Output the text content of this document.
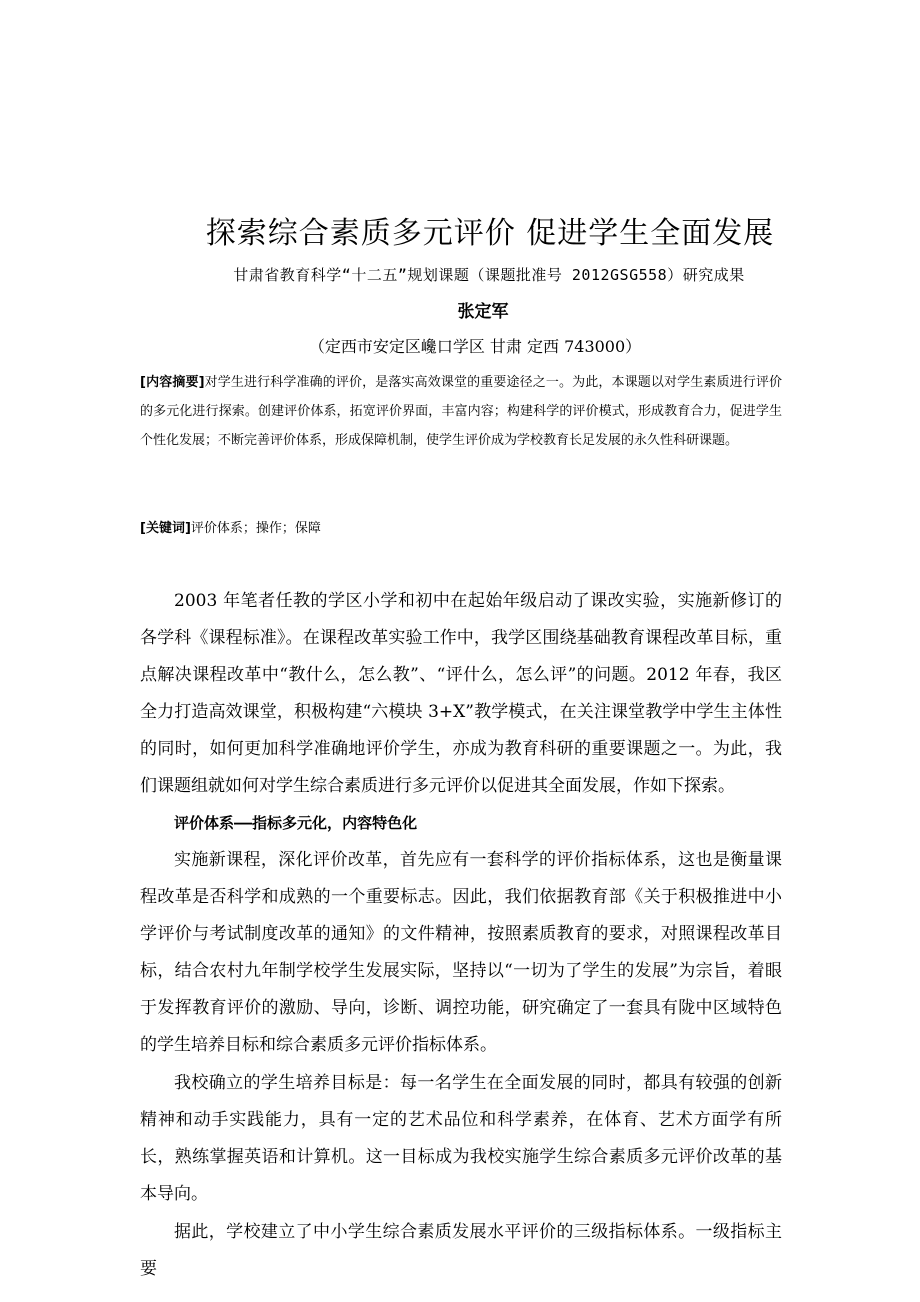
探索综合素质多元评价 促进学生全面发展
甘肃省教育科学“十二五”规划课题（课题批准号 2012GSG558）研究成果
张定军
（定西市安定区巉口学区 甘肃 定西 743000）
[内容摘要]对学生进行科学准确的评价，是落实高效课堂的重要途径之一。为此，本课题以对学生素质进行评价的多元化进行探索。创建评价体系，拓宽评价界面，丰富内容；构建科学的评价模式，形成教育合力，促进学生个性化发展；不断完善评价体系，形成保障机制，使学生评价成为学校教育长足发展的永久性科研课题。
[关键词]评价体系；操作；保障

2003 年笔者任教的学区小学和初中在起始年级启动了课改实验，实施新修订的各学科《课程标准》。在课程改革实验工作中，我学区围绕基础教育课程改革目标，重点解决课程改革中“教什么，怎么教”、“评什么，怎么评”的问题。2012 年春，我区全力打造高效课堂，积极构建“六模块 3+X”教学模式，在关注课堂教学中学生主体性的同时，如何更加科学准确地评价学生，亦成为教育科研的重要课题之一。为此，我们课题组就如何对学生综合素质进行多元评价以促进其全面发展，作如下探索。

评价体系——指标多元化，内容特色化

实施新课程，深化评价改革，首先应有一套科学的评价指标体系，这也是衡量课程改革是否科学和成熟的一个重要标志。因此，我们依据教育部《关于积极推进中小学评价与考试制度改革的通知》的文件精神，按照素质教育的要求，对照课程改革目标，结合农村九年制学校学生发展实际，坚持以“一切为了学生的发展”为宗旨，着眼于发挥教育评价的激励、导向，诊断、调控功能，研究确定了一套具有陇中区域特色的学生培养目标和综合素质多元评价指标体系。

我校确立的学生培养目标是：每一名学生在全面发展的同时，都具有较强的创新精神和动手实践能力，具有一定的艺术品位和科学素养，在体育、艺术方面学有所长，熟练掌握英语和计算机。这一目标成为我校实施学生综合素质多元评价改革的基本导向。

据此，学校建立了中小学生综合素质发展水平评价的三级指标体系。一级指标主要
